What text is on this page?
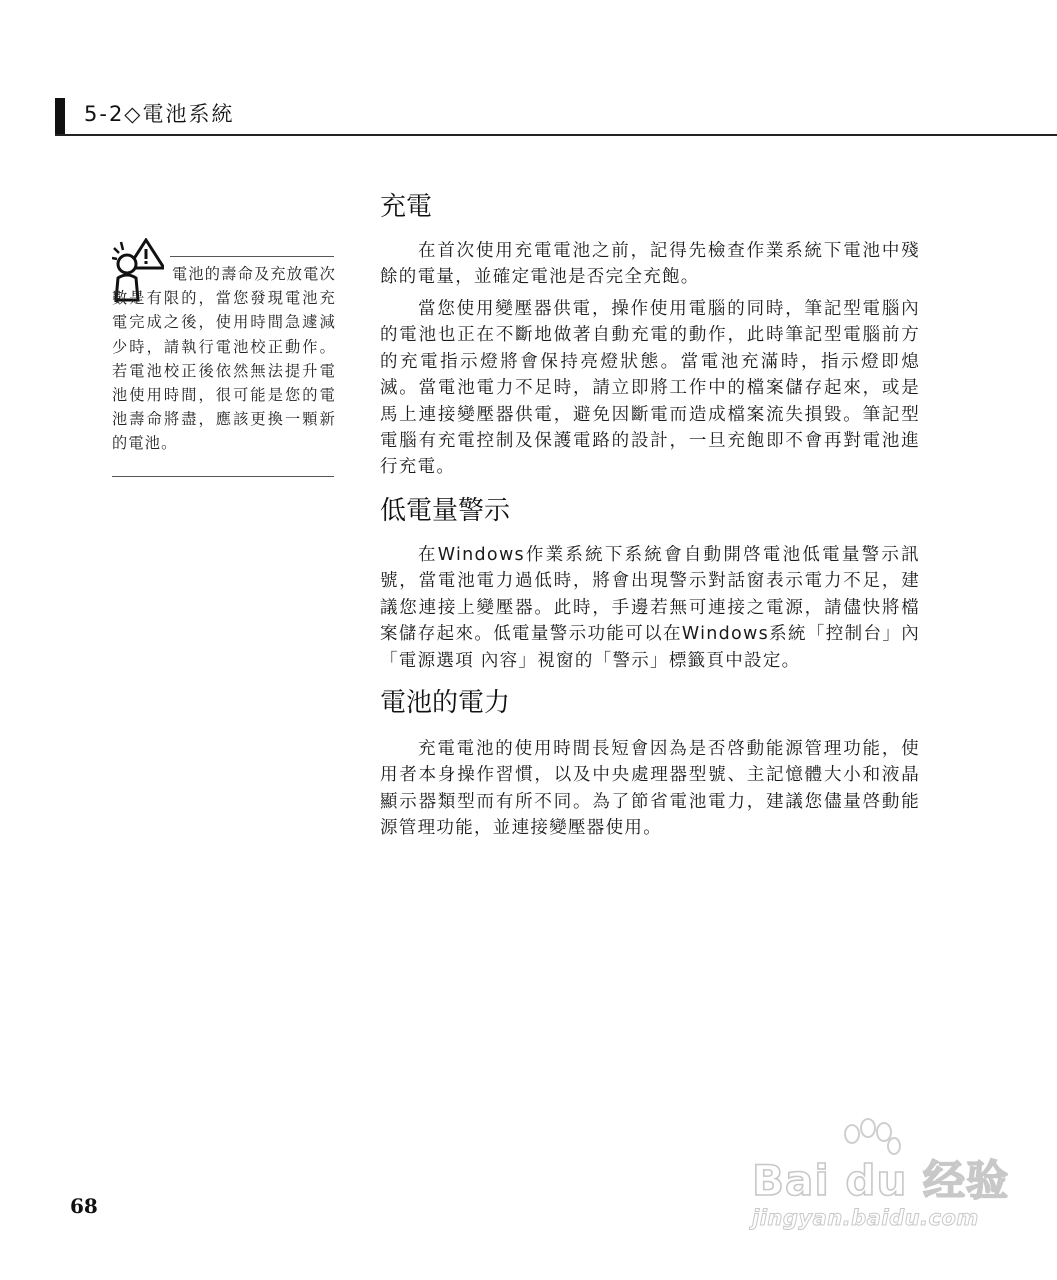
5-2◇電池系統
電池的壽命及充放電次數是有限的，當您發現電池充電完成之後，使用時間急遽減少時，請執行電池校正動作。若電池校正後依然無法提升電池使用時間，很可能是您的電池壽命將盡，應該更換一顆新的電池。
充電

在首次使用充電電池之前，記得先檢查作業系統下電池中殘餘的電量，並確定電池是否完全充飽。

當您使用變壓器供電，操作使用電腦的同時，筆記型電腦內的電池也正在不斷地做著自動充電的動作，此時筆記型電腦前方的充電指示燈將會保持亮燈狀態。當電池充滿時，指示燈即熄滅。當電池電力不足時，請立即將工作中的檔案儲存起來，或是馬上連接變壓器供電，避免因斷電而造成檔案流失損毀。筆記型電腦有充電控制及保護電路的設計，一旦充飽即不會再對電池進行充電。

低電量警示

在Windows作業系統下系統會自動開啓電池低電量警示訊號，當電池電力過低時，將會出現警示對話窗表示電力不足，建議您連接上變壓器。此時，手邊若無可連接之電源，請儘快將檔案儲存起來。低電量警示功能可以在Windows系統「控制台」內「電源選項 內容」視窗的「警示」標籤頁中設定。

電池的電力

充電電池的使用時間長短會因為是否啓動能源管理功能，使用者本身操作習慣，以及中央處理器型號、主記憶體大小和液晶顯示器類型而有所不同。為了節省電池電力，建議您儘量啓動能源管理功能，並連接變壓器使用。

68
Bai du 经验
jingyan.baidu.com
